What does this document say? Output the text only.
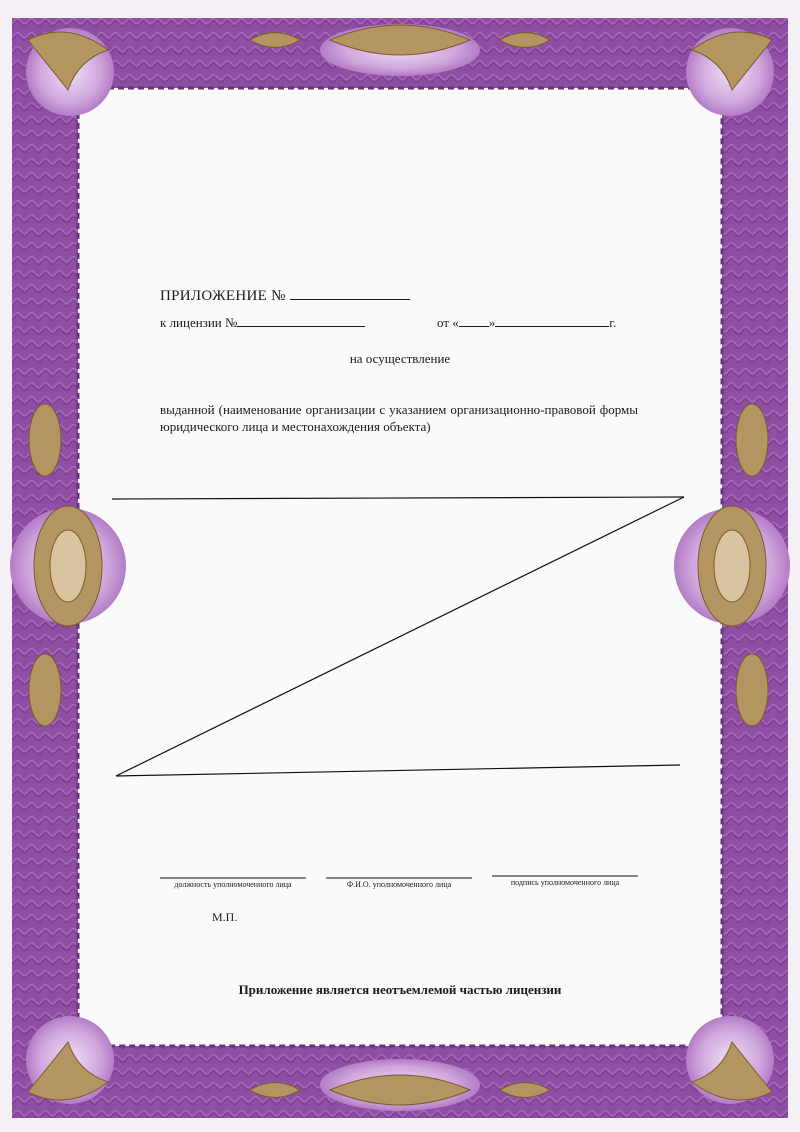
ПРИЛОЖЕНИЕ №
к лицензии №	от « »	г.
на осуществление
выданной (наименование организации с указанием организационно-правовой формы юридического лица и местонахождения объекта)
должность уполномоченного лица	Ф.И.О. уполномоченного лица	подпись уполномоченного лица
М.П.
Приложение является неотъемлемой частью лицензии
